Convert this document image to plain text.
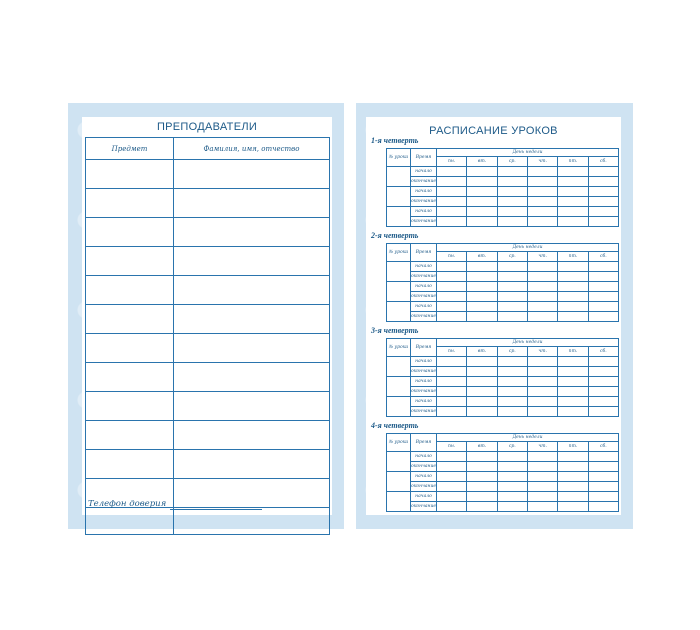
ПРЕПОДАВАТЕЛИ
Предмет	Фамилия, имя, отчество

Телефон доверия
РАСПИСАНИЕ УРОКОВ
1-я четверть
№ урока	Время	День недели					
		пн.	вт.	ср.	чт.	пт.	сб.
	начало						
	окончание						
	начало						
	окончание						
	начало						
	окончание						
2-я четверть
№ урока	Время	День недели					
		пн.	вт.	ср.	чт.	пт.	сб.
	начало						
	окончание						
	начало						
	окончание						
	начало						
	окончание						
3-я четверть
№ урока	Время	День недели					
		пн.	вт.	ср.	чт.	пт.	сб.
	начало						
	окончание						
	начало						
	окончание						
	начало						
	окончание						
4-я четверть
№ урока	Время	День недели					
		пн.	вт.	ср.	чт.	пт.	сб.
	начало						
	окончание						
	начало						
	окончание						
	начало						
	окончание						
